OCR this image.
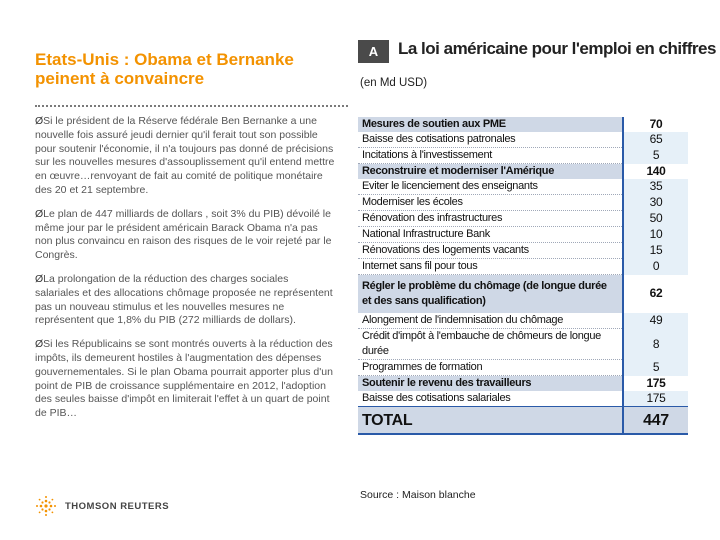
Etats-Unis : Obama et Bernanke peinent à convaincre
ØSi le président de la Réserve fédérale Ben Bernanke a une nouvelle fois assuré jeudi dernier qu'il ferait tout son possible pour soutenir l'économie, il n'a toujours pas donné de précisions sur les nouvelles mesures d'assouplissement qu'il entend mettre en œuvre…renvoyant de fait au comité de politique monétaire des 20 et 21 septembre.
ØLe plan de 447 milliards de dollars , soit 3% du PIB) dévoilé le même jour par le président américain Barack Obama n'a pas non plus convaincu en raison des risques de le voir rejeté par le Congrès.
ØLa prolongation de la réduction des charges sociales salariales et des allocations chômage proposée ne représentent pas un nouveau stimulus et les nouvelles mesures ne représentent que 1,8% du PIB (272 milliards de dollars).
ØSi les Républicains se sont montrés ouverts à la réduction des impôts, ils demeurent hostiles à l'augmentation des dépenses gouvernementales. Si le plan Obama pourrait apporter plus d'un point de PIB de croissance supplémentaire en 2012, l'adoption des seules baisse d'impôt en limiterait l'effet à un quart de point de PIB…
A	La loi américaine pour l'emploi en chiffres
(en Md USD)
Mesures de soutien aux PME	70
Baisse des cotisations patronales	65
Incitations à l'investissement	5
Reconstruire et moderniser l'Amérique	140
Eviter le licenciement des enseignants	35
Moderniser les écoles	30
Rénovation des infrastructures	50
National Infrastructure Bank	10
Rénovations des logements vacants	15
Internet sans fil pour tous	0
Régler le problème du chômage (de longue durée et des sans qualification)	62
Alongement de l'indemnisation du chômage	49
Crédit d'impôt à l'embauche de chômeurs de longue durée	8
Programmes de formation	5
Soutenir le revenu des travailleurs	175
Baisse des cotisations salariales	175
TOTAL	447
Source : Maison blanche
THOMSON REUTERS
